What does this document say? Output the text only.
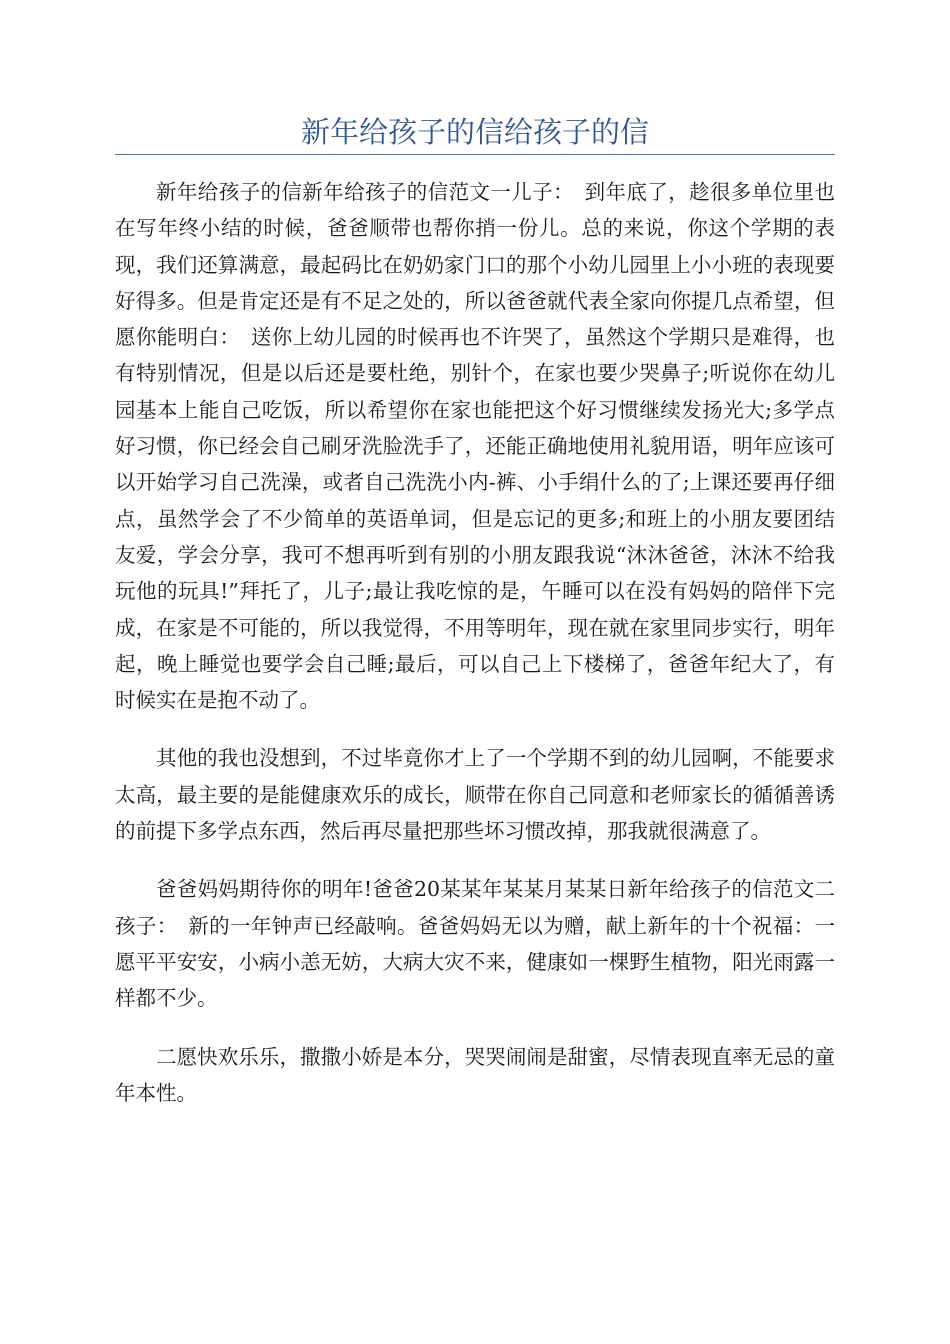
新年给孩子的信给孩子的信

新年给孩子的信新年给孩子的信范文一儿子：　到年底了，趁很多单位里也在写年终小结的时候，爸爸顺带也帮你捎一份儿。总的来说，你这个学期的表现，我们还算满意，最起码比在奶奶家门口的那个小幼儿园里上小小班的表现要好得多。但是肯定还是有不足之处的，所以爸爸就代表全家向你提几点希望，但愿你能明白：　送你上幼儿园的时候再也不许哭了，虽然这个学期只是难得，也有特别情况，但是以后还是要杜绝，别针个，在家也要少哭鼻子;听说你在幼儿园基本上能自己吃饭，所以希望你在家也能把这个好习惯继续发扬光大;多学点好习惯，你已经会自己刷牙洗脸洗手了，还能正确地使用礼貌用语，明年应该可以开始学习自己洗澡，或者自己洗洗小内-裤、小手绢什么的了;上课还要再仔细点，虽然学会了不少简单的英语单词，但是忘记的更多;和班上的小朋友要团结友爱，学会分享，我可不想再听到有别的小朋友跟我说“沐沐爸爸，沐沐不给我玩他的玩具!”拜托了，儿子;最让我吃惊的是，午睡可以在没有妈妈的陪伴下完成，在家是不可能的，所以我觉得，不用等明年，现在就在家里同步实行，明年起，晚上睡觉也要学会自己睡;最后，可以自己上下楼梯了，爸爸年纪大了，有时候实在是抱不动了。

其他的我也没想到，不过毕竟你才上了一个学期不到的幼儿园啊，不能要求太高，最主要的是能健康欢乐的成长，顺带在你自己同意和老师家长的循循善诱的前提下多学点东西，然后再尽量把那些坏习惯改掉，那我就很满意了。

爸爸妈妈期待你的明年!爸爸20某某年某某月某某日新年给孩子的信范文二孩子：　新的一年钟声已经敲响。爸爸妈妈无以为赠，献上新年的十个祝福：一愿平平安安，小病小恙无妨，大病大灾不来，健康如一棵野生植物，阳光雨露一样都不少。

二愿快欢乐乐，撒撒小娇是本分，哭哭闹闹是甜蜜，尽情表现直率无忌的童年本性。
